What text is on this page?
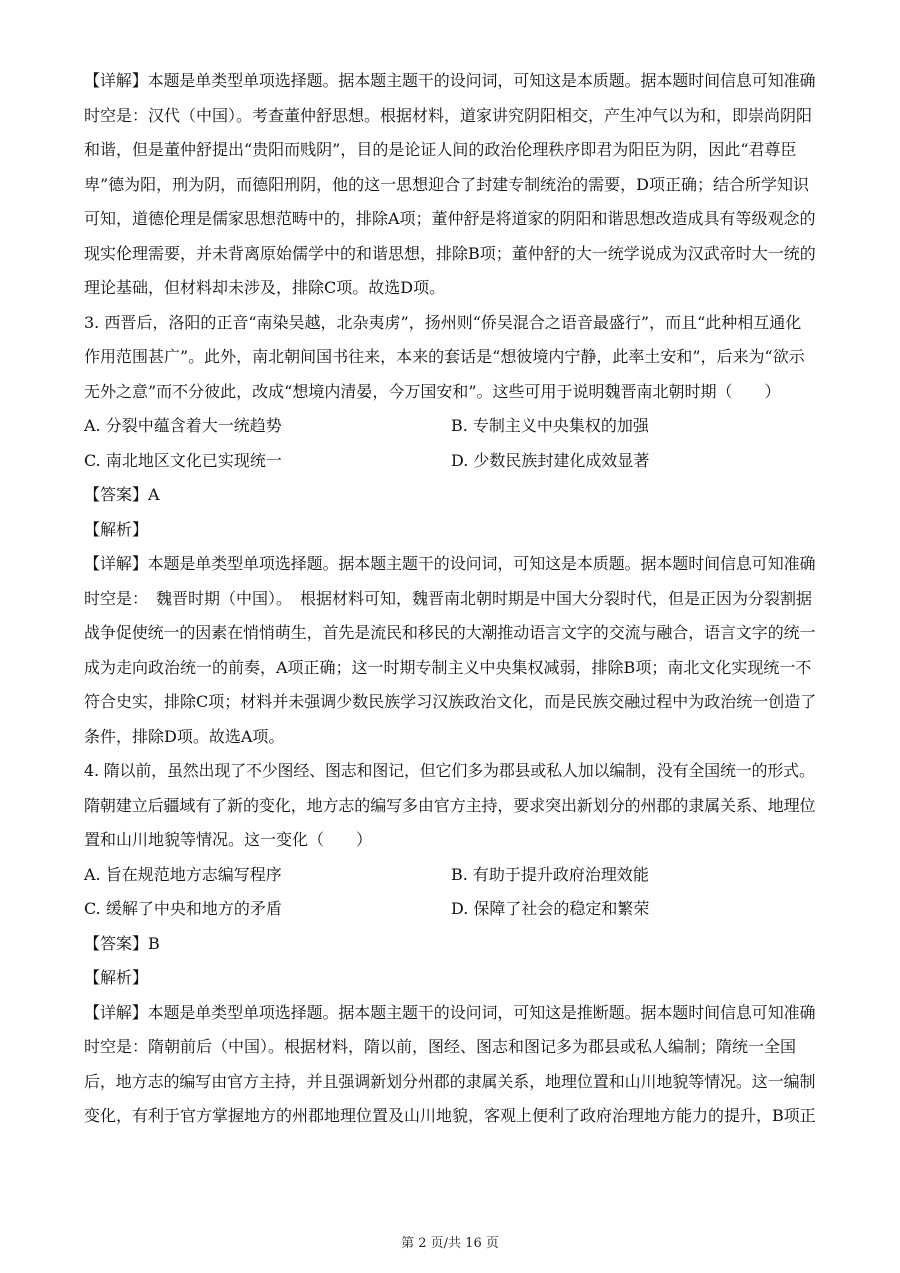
【详解】本题是单类型单项选择题。据本题主题干的设问词，可知这是本质题。据本题时间信息可知准确
时空是：汉代（中国）。考查董仲舒思想。根据材料，道家讲究阴阳相交，产生冲气以为和，即崇尚阴阳
和谐，但是董仲舒提出“贵阳而贱阴”，目的是论证人间的政治伦理秩序即君为阳臣为阴，因此“君尊臣
卑”德为阳，刑为阴，而德阳刑阴，他的这一思想迎合了封建专制统治的需要，D项正确；结合所学知识
可知，道德伦理是儒家思想范畴中的，排除A项；董仲舒是将道家的阴阳和谐思想改造成具有等级观念的
现实伦理需要，并未背离原始儒学中的和谐思想，排除B项；董仲舒的大一统学说成为汉武帝时大一统的
理论基础，但材料却未涉及，排除C项。故选D项。
3. 西晋后，洛阳的正音“南染吴越，北杂夷虏”，扬州则“侨吴混合之语音最盛行”，而且“此种相互通化
作用范围甚广”。此外，南北朝间国书往来，本来的套话是“想彼境内宁静，此率土安和”，后来为“欲示
无外之意”而不分彼此，改成“想境内清晏，今万国安和”。这些可用于说明魏晋南北朝时期（　　）
A. 分裂中蕴含着大一统趋势	B. 专制主义中央集权的加强
C. 南北地区文化已实现统一	D. 少数民族封建化成效显著

【答案】A

【解析】

【详解】本题是单类型单项选择题。据本题主题干的设问词，可知这是本质题。据本题时间信息可知准确
时空是：　魏晋时期（中国）。　根据材料可知，魏晋南北朝时期是中国大分裂时代，但是正因为分裂割据
战争促使统一的因素在悄悄萌生，首先是流民和移民的大潮推动语言文字的交流与融合，语言文字的统一
成为走向政治统一的前奏，A项正确；这一时期专制主义中央集权减弱，排除B项；南北文化实现统一不
符合史实，排除C项；材料并未强调少数民族学习汉族政治文化，而是民族交融过程中为政治统一创造了
条件，排除D项。故选A项。
4. 隋以前，虽然出现了不少图经、图志和图记，但它们多为郡县或私人加以编制，没有全国统一的形式。
隋朝建立后疆域有了新的变化，地方志的编写多由官方主持，要求突出新划分的州郡的隶属关系、地理位
置和山川地貌等情况。这一变化（　　）
A. 旨在规范地方志编写程序	B. 有助于提升政府治理效能
C. 缓解了中央和地方的矛盾	D. 保障了社会的稳定和繁荣

【答案】B

【解析】

【详解】本题是单类型单项选择题。据本题主题干的设问词，可知这是推断题。据本题时间信息可知准确
时空是：隋朝前后（中国）。根据材料，隋以前，图经、图志和图记多为郡县或私人编制；隋统一全国
后，地方志的编写由官方主持，并且强调新划分州郡的隶属关系，地理位置和山川地貌等情况。这一编制
变化，有利于官方掌握地方的州郡地理位置及山川地貌，客观上便利了政府治理地方能力的提升，B项正
第 2 页/共 16 页
